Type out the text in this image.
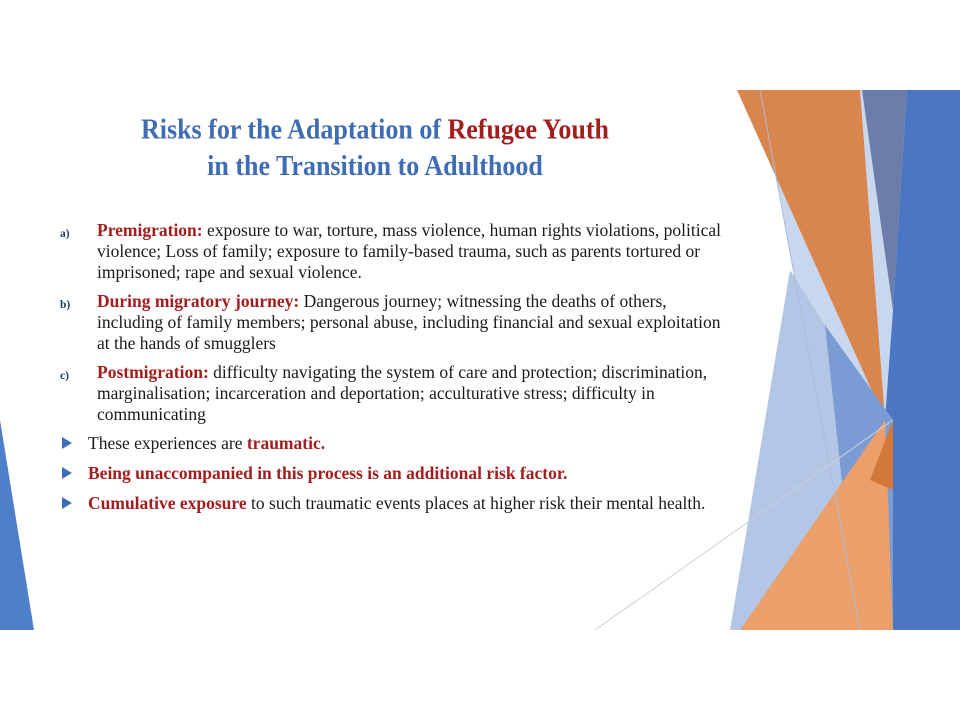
Risks for the Adaptation of Refugee Youth
in the Transition to Adulthood
a) Premigration: exposure to war, torture, mass violence, human rights violations, political violence; Loss of family; exposure to family-based trauma, such as parents tortured or imprisoned; rape and sexual violence.
b) During migratory journey: Dangerous journey; witnessing the deaths of others, including of family members; personal abuse, including financial and sexual exploitation at the hands of smugglers
c) Postmigration: difficulty navigating the system of care and protection; discrimination, marginalisation; incarceration and deportation; acculturative stress; difficulty in communicating
These experiences are traumatic.
Being unaccompanied in this process is an additional risk factor.
Cumulative exposure to such traumatic events places at higher risk their mental health.
